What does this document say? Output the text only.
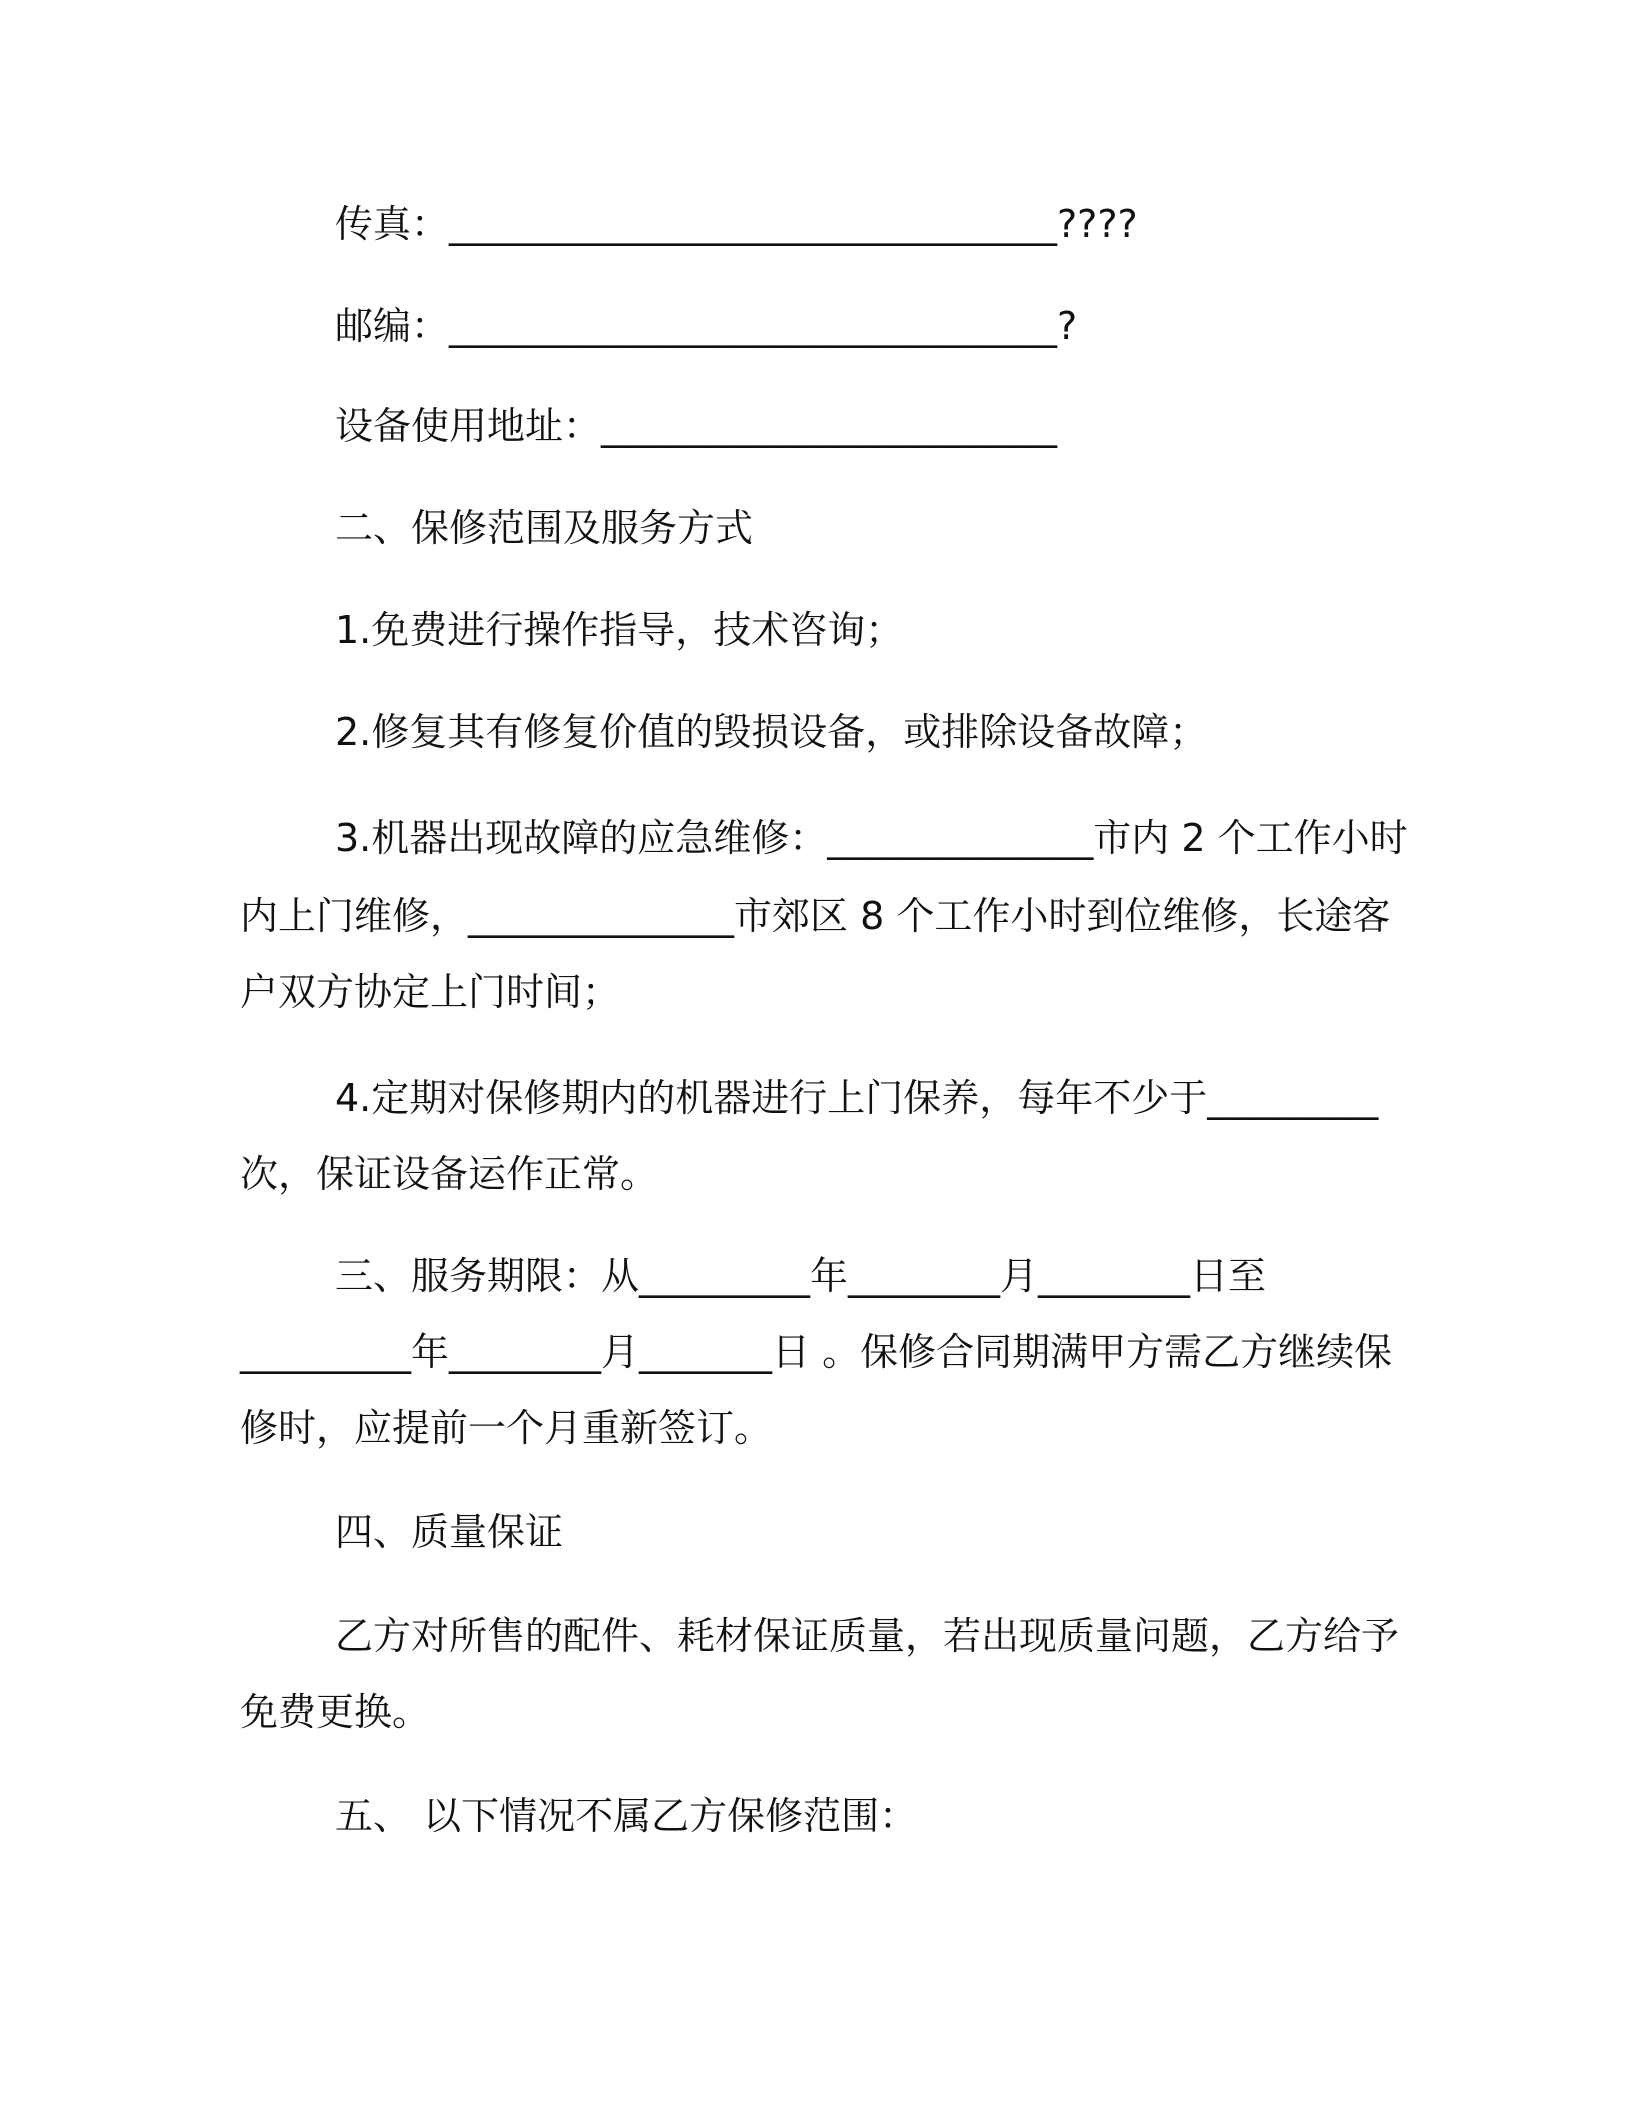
传真：________________________________????
邮编：________________________________?
设备使用地址：________________________
二、保修范围及服务方式
1.免费进行操作指导，技术咨询；
2.修复其有修复价值的毁损设备，或排除设备故障；
3.机器出现故障的应急维修：______________市内 2 个工作小时
内上门维修，______________市郊区 8 个工作小时到位维修，长途客
户双方协定上门时间；
4.定期对保修期内的机器进行上门保养，每年不少于_________
次，保证设备运作正常。
三、服务期限：从_________年________月________日至
_________年________月_______日 。保修合同期满甲方需乙方继续保
修时，应提前一个月重新签订。
四、质量保证
乙方对所售的配件、耗材保证质量，若出现质量问题，乙方给予
免费更换。
五、 以下情况不属乙方保修范围：
